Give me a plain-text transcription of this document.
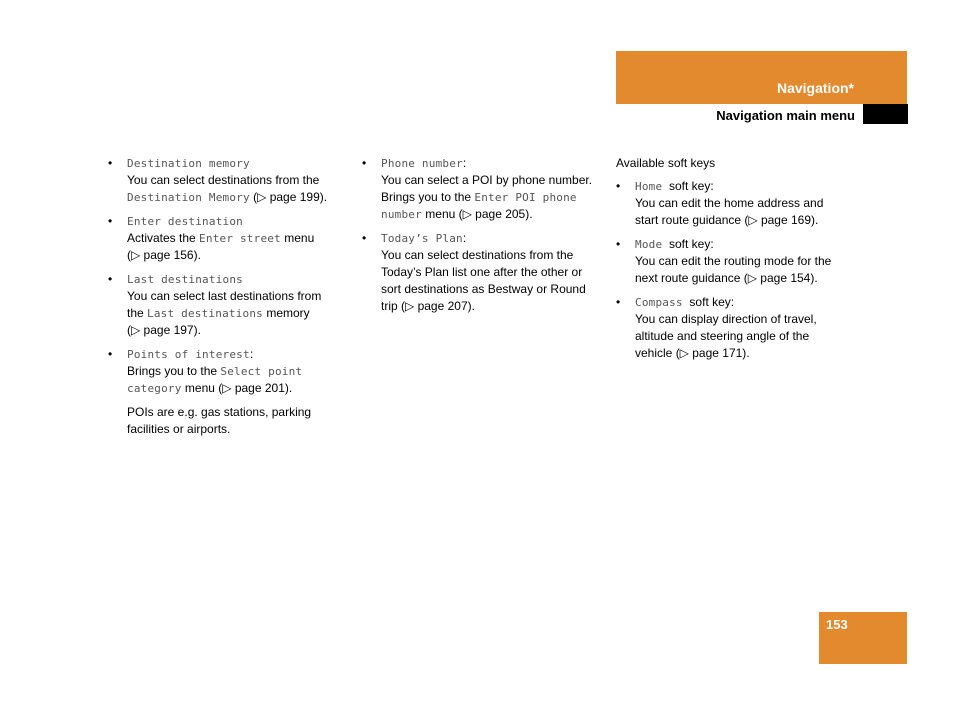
Navigation*
Navigation main menu
• Destination memory
You can select destinations from the
Destination Memory (▷ page 199).
• Enter destination
Activates the Enter street menu
(▷ page 156).
• Last destinations
You can select last destinations from
the Last destinations memory
(▷ page 197).
• Points of interest:
Brings you to the Select point
category menu (▷ page 201).
POIs are e.g. gas stations, parking
facilities or airports.
• Phone number:
You can select a POI by phone number.
Brings you to the Enter POI phone
number menu (▷ page 205).
• Today’s Plan:
You can select destinations from the
Today’s Plan list one after the other or
sort destinations as Bestway or Round
trip (▷ page 207).
Available soft keys
• Home  soft key:
You can edit the home address and
start route guidance (▷ page 169).
• Mode  soft key:
You can edit the routing mode for the
next route guidance (▷ page 154).
• Compass  soft key:
You can display direction of travel,
altitude and steering angle of the
vehicle (▷ page 171).
153
